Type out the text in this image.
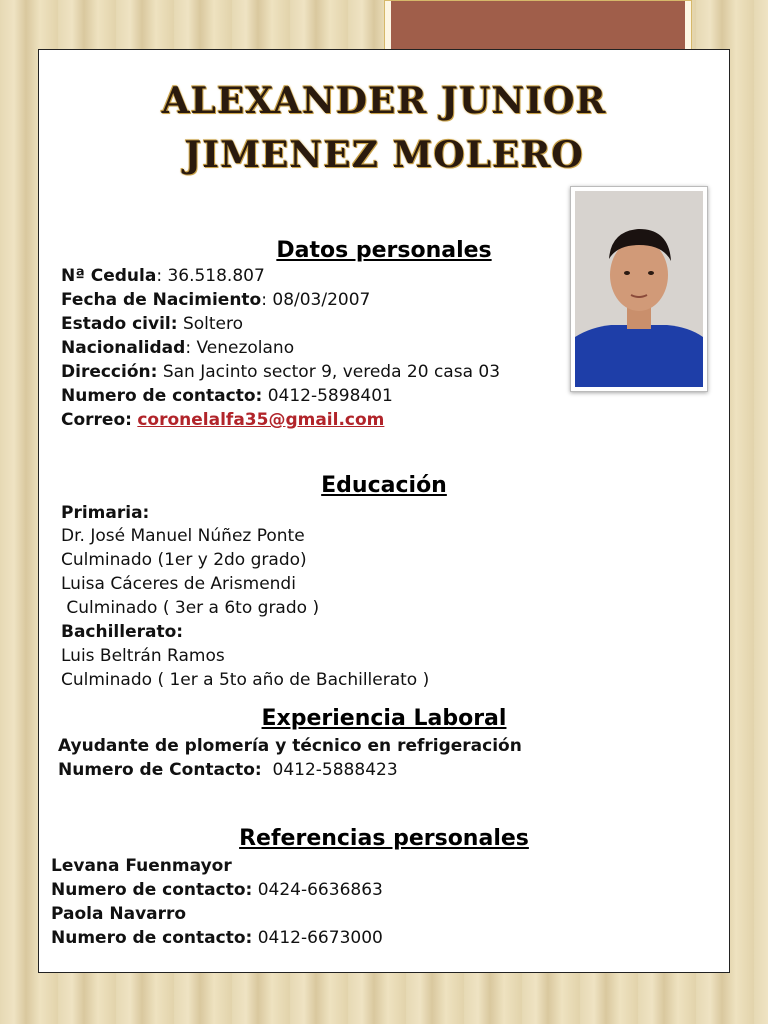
ALEXANDER JUNIOR
JIMENEZ MOLERO
Datos personales
Nª Cedula: 36.518.807
Fecha de Nacimiento: 08/03/2007
Estado civil: Soltero
Nacionalidad: Venezolano
Dirección: San Jacinto sector 9, vereda 20 casa 03
Numero de contacto: 0412-5898401
Correo: coronelalfa35@gmail.com
Educación
Primaria:
Dr. José Manuel Núñez Ponte
Culminado (1er y 2do grado)
Luisa Cáceres de Arismendi
Culminado ( 3er a 6to grado )
Bachillerato:
Luis Beltrán Ramos
Culminado ( 1er a 5to año de Bachillerato )
Experiencia Laboral
Ayudante de plomería y técnico en refrigeración
Numero de Contacto: 0412-5888423
Referencias personales
Levana Fuenmayor
Numero de contacto: 0424-6636863
Paola Navarro
Numero de contacto: 0412-6673000
